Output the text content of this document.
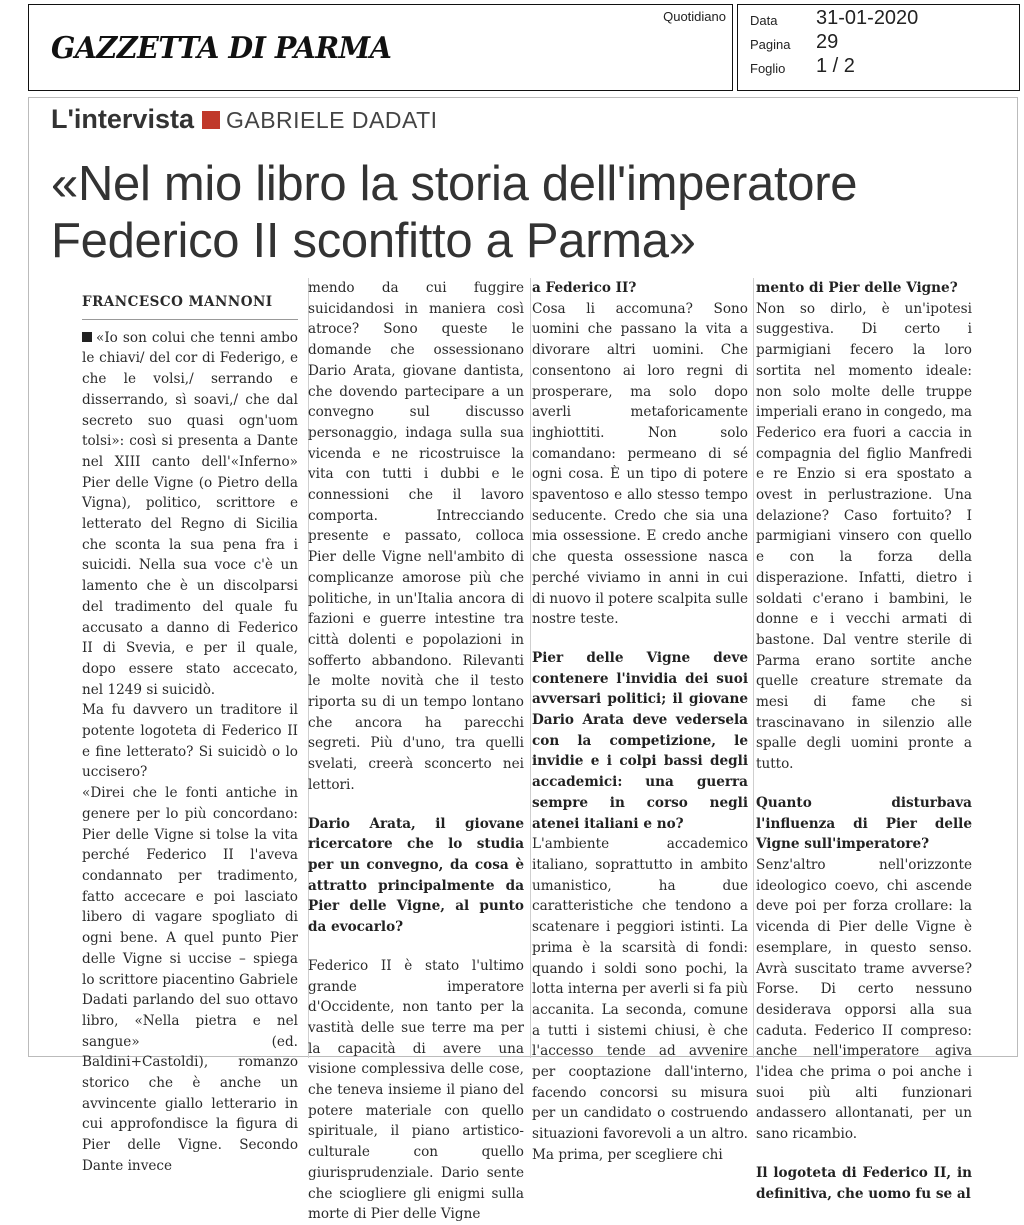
GAZZETTA DI PARMA
Quotidiano Data 31-01-2020
Pagina 29
Foglio 1 / 2
L'intervista GABRIELE DADATI
«Nel mio libro la storia dell'imperatore
Federico II sconfitto a Parma»
FRANCESCO MANNONI

«Io son colui che tenni ambo le chiavi/ del cor di Federigo, e che le volsi,/ serrando e disserrando, sì soavi,/ che dal secreto suo quasi ogn'uom tolsi»: così si presenta a Dante nel XIII canto dell'«Inferno» Pier delle Vigne (o Pietro della Vigna), politico, scrittore e letterato del Regno di Sicilia che sconta la sua pena fra i suicidi. Nella sua voce c'è un lamento che è un discolparsi del tradimento del quale fu accusato a danno di Federico II di Svevia, e per il quale, dopo essere stato accecato, nel 1249 si suicidò.

Ma fu davvero un traditore il potente logoteta di Federico II e fine letterato? Si suicidò o lo uccisero?

«Direi che le fonti antiche in genere per lo più concordano: Pier delle Vigne si tolse la vita perché Federico II l'aveva condannato per tradimento, fatto accecare e poi lasciato libero di vagare spogliato di ogni bene. A quel punto Pier delle Vigne si uccise – spiega lo scrittore piacentino Gabriele Dadati parlando del suo ottavo libro, «Nella pietra e nel sangue» (ed. Baldini+Castoldi), romanzo storico che è anche un avvincente giallo letterario in cui approfondisce la figura di Pier delle Vigne. Secondo Dante invece

mendo da cui fuggire suicidandosi in maniera così atroce? Sono queste le domande che ossessionano Dario Arata, giovane dantista, che dovendo partecipare a un convegno sul discusso personaggio, indaga sulla sua vicenda e ne ricostruisce la vita con tutti i dubbi e le connessioni che il lavoro comporta. Intrecciando presente e passato, colloca Pier delle Vigne nell'ambito di complicanze amorose più che politiche, in un'Italia ancora di fazioni e guerre intestine tra città dolenti e popolazioni in sofferto abbandono. Rilevanti le molte novità che il testo riporta su di un tempo lontano che ancora ha parecchi segreti. Più d'uno, tra quelli svelati, creerà sconcerto nei lettori.

Dario Arata, il giovane ricercatore che lo studia per un convegno, da cosa è attratto principalmente da Pier delle Vigne, al punto da evocarlo?

Federico II è stato l'ultimo grande imperatore d'Occidente, non tanto per la vastità delle sue terre ma per la capacità di avere una visione complessiva delle cose, che teneva insieme il piano del potere materiale con quello spirituale, il piano artistico-culturale con quello giurisprudenziale. Dario sente che sciogliere gli enigmi sulla morte di Pier delle Vigne

a Federico II?

Cosa li accomuna? Sono uomini che passano la vita a divorare altri uomini. Che consentono ai loro regni di prosperare, ma solo dopo averli metaforicamente inghiottiti. Non solo comandano: permeano di sé ogni cosa. È un tipo di potere spaventoso e allo stesso tempo seducente. Credo che sia una mia ossessione. E credo anche che questa ossessione nasca perché viviamo in anni in cui di nuovo il potere scalpita sulle nostre teste.

Pier delle Vigne deve contenere l'invidia dei suoi avversari politici; il giovane Dario Arata deve vedersela con la competizione, le invidie e i colpi bassi degli accademici: una guerra sempre in corso negli atenei italiani e no?

L'ambiente accademico italiano, soprattutto in ambito umanistico, ha due caratteristiche che tendono a scatenare i peggiori istinti. La prima è la scarsità di fondi: quando i soldi sono pochi, la lotta interna per averli si fa più accanita. La seconda, comune a tutti i sistemi chiusi, è che l'accesso tende ad avvenire per cooptazione dall'interno, facendo concorsi su misura per un candidato o costruendo situazioni favorevoli a un altro. Ma prima, per scegliere chi

mento di Pier delle Vigne?

Non so dirlo, è un'ipotesi suggestiva. Di certo i parmigiani fecero la loro sortita nel momento ideale: non solo molte delle truppe imperiali erano in congedo, ma Federico era fuori a caccia in compagnia del figlio Manfredi e re Enzio si era spostato a ovest in perlustrazione. Una delazione? Caso fortuito? I parmigiani vinsero con quello e con la forza della disperazione. Infatti, dietro i soldati c'erano i bambini, le donne e i vecchi armati di bastone. Dal ventre sterile di Parma erano sortite anche quelle creature stremate da mesi di fame che si trascinavano in silenzio alle spalle degli uomini pronte a tutto.

Quanto disturbava l'influenza di Pier delle Vigne sull'imperatore?

Senz'altro nell'orizzonte ideologico coevo, chi ascende deve poi per forza crollare: la vicenda di Pier delle Vigne è esemplare, in questo senso. Avrà suscitato trame avverse? Forse. Di certo nessuno desiderava opporsi alla sua caduta. Federico II compreso: anche nell'imperatore agiva l'idea che prima o poi anche i suoi più alti funzionari andassero allontanati, per un sano ricambio.

Il logoteta di Federico II, in definitiva, che uomo fu se al
